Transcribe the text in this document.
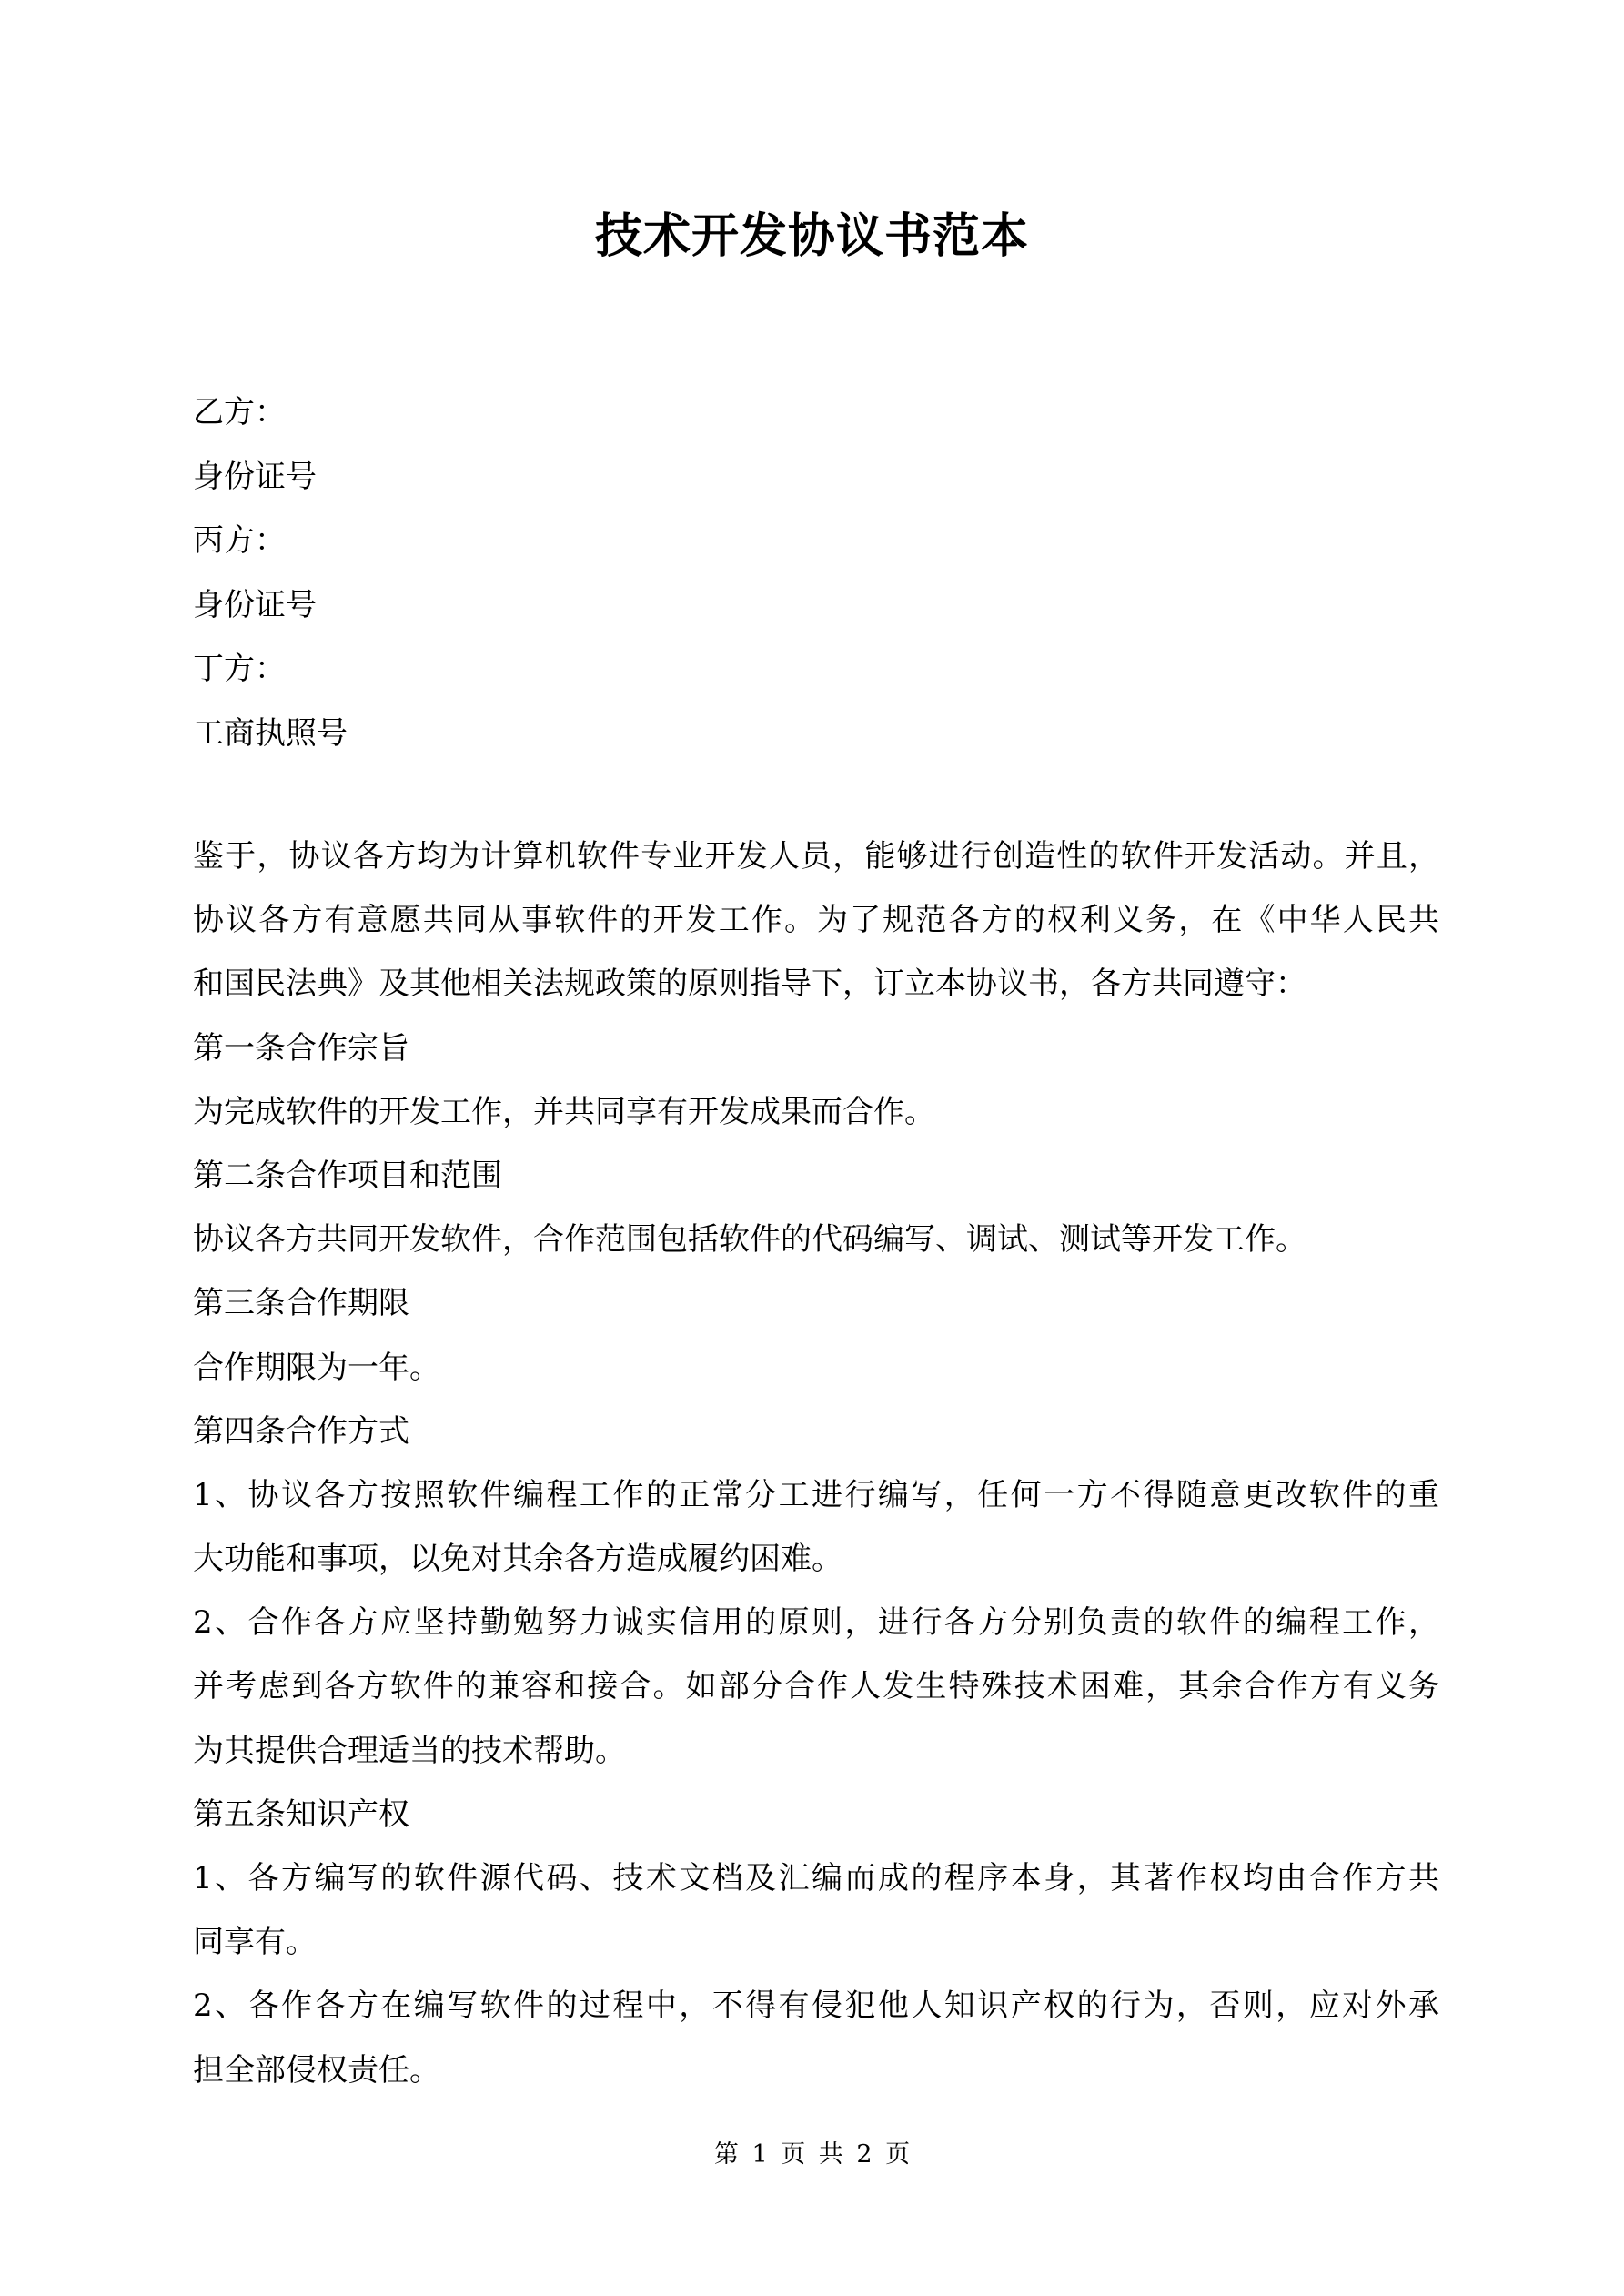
技术开发协议书范本
乙方：
身份证号
丙方：
身份证号
丁方：
工商执照号
鉴于，协议各方均为计算机软件专业开发人员，能够进行创造性的软件开发活动。并且，
协议各方有意愿共同从事软件的开发工作。为了规范各方的权利义务，在《中华人民共
和国民法典》及其他相关法规政策的原则指导下，订立本协议书，各方共同遵守：
第一条合作宗旨
为完成软件的开发工作，并共同享有开发成果而合作。
第二条合作项目和范围
协议各方共同开发软件，合作范围包括软件的代码编写、调试、测试等开发工作。
第三条合作期限
合作期限为一年。
第四条合作方式
1、协议各方按照软件编程工作的正常分工进行编写，任何一方不得随意更改软件的重
大功能和事项，以免对其余各方造成履约困难。
2、合作各方应坚持勤勉努力诚实信用的原则，进行各方分别负责的软件的编程工作，
并考虑到各方软件的兼容和接合。如部分合作人发生特殊技术困难，其余合作方有义务
为其提供合理适当的技术帮助。
第五条知识产权
1、各方编写的软件源代码、技术文档及汇编而成的程序本身，其著作权均由合作方共
同享有。
2、各作各方在编写软件的过程中，不得有侵犯他人知识产权的行为，否则，应对外承
担全部侵权责任。
第 1 页 共 2 页
